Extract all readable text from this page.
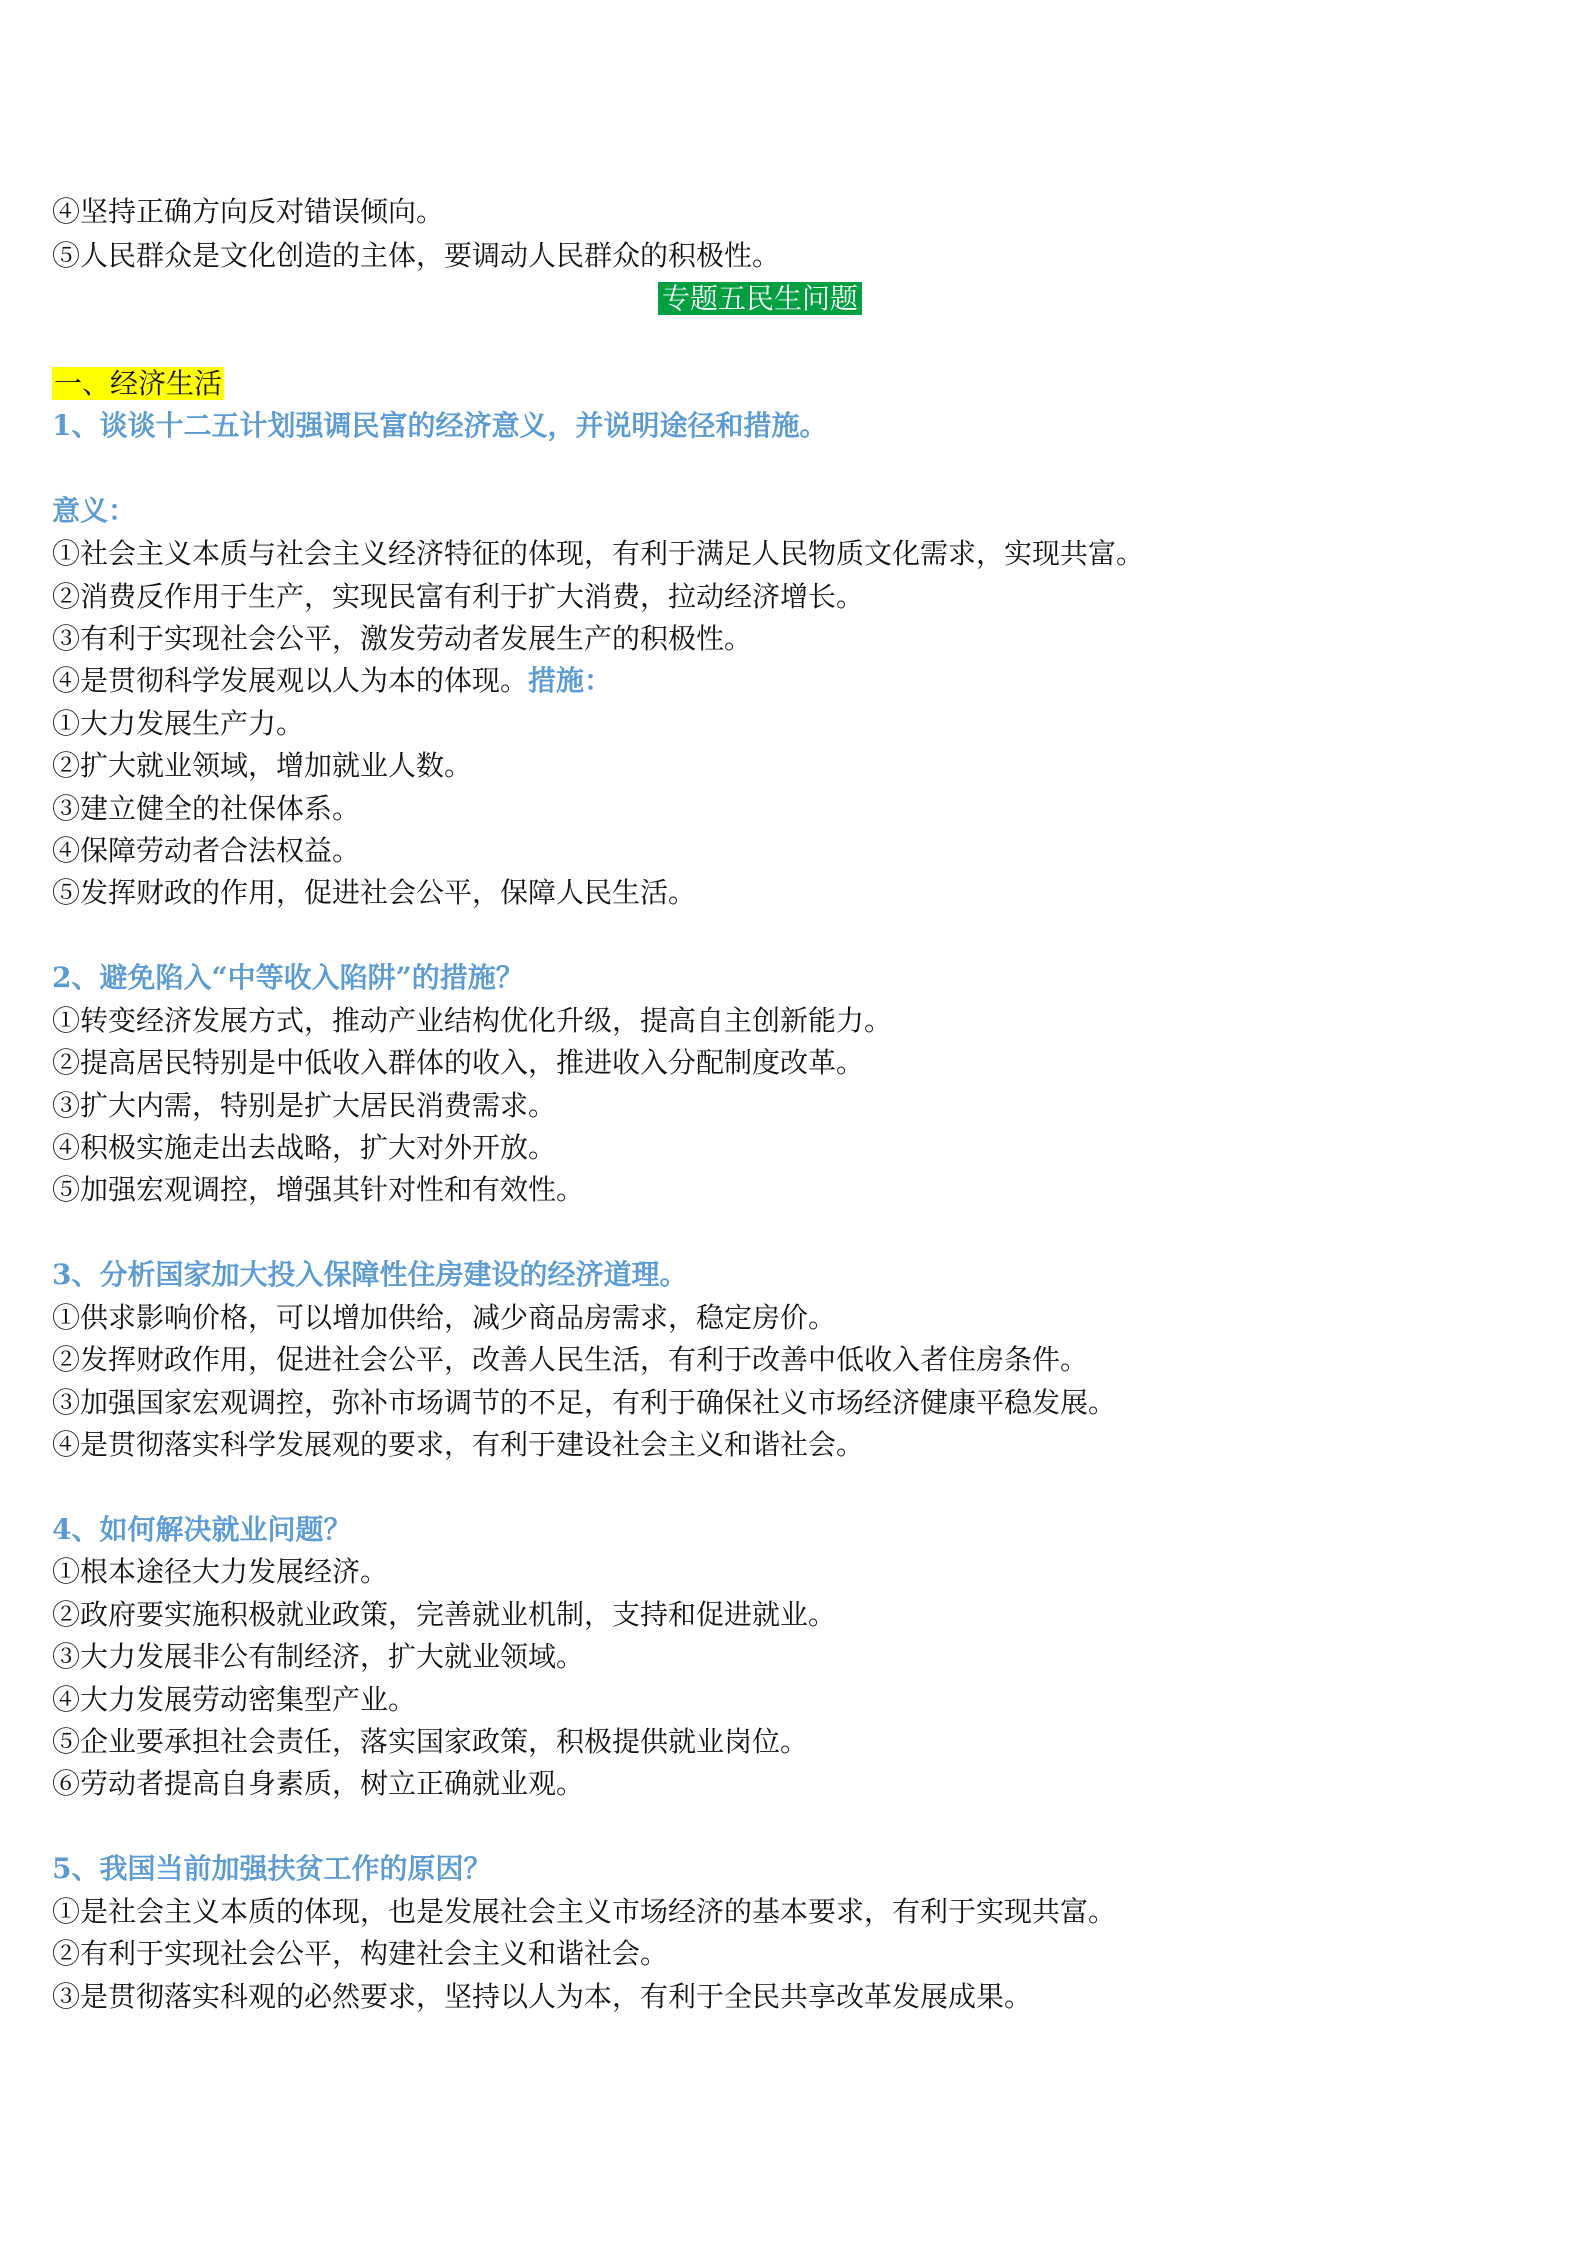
④坚持正确方向反对错误倾向。
⑤人民群众是文化创造的主体，要调动人民群众的积极性。
专题五民生问题
一、经济生活
1、谈谈十二五计划强调民富的经济意义，并说明途径和措施。
意义：
①社会主义本质与社会主义经济特征的体现，有利于满足人民物质文化需求，实现共富。
②消费反作用于生产，实现民富有利于扩大消费，拉动经济增长。
③有利于实现社会公平，激发劳动者发展生产的积极性。
④是贯彻科学发展观以人为本的体现。措施：
①大力发展生产力。
②扩大就业领域，增加就业人数。
③建立健全的社保体系。
④保障劳动者合法权益。
⑤发挥财政的作用，促进社会公平，保障人民生活。
2、避免陷入“中等收入陷阱”的措施？
①转变经济发展方式，推动产业结构优化升级，提高自主创新能力。
②提高居民特别是中低收入群体的收入，推进收入分配制度改革。
③扩大内需，特别是扩大居民消费需求。
④积极实施走出去战略，扩大对外开放。
⑤加强宏观调控，增强其针对性和有效性。
3、分析国家加大投入保障性住房建设的经济道理。
①供求影响价格，可以增加供给，减少商品房需求，稳定房价。
②发挥财政作用，促进社会公平，改善人民生活，有利于改善中低收入者住房条件。
③加强国家宏观调控，弥补市场调节的不足，有利于确保社义市场经济健康平稳发展。
④是贯彻落实科学发展观的要求，有利于建设社会主义和谐社会。
4、如何解决就业问题？
①根本途径大力发展经济。
②政府要实施积极就业政策，完善就业机制，支持和促进就业。
③大力发展非公有制经济，扩大就业领域。
④大力发展劳动密集型产业。
⑤企业要承担社会责任，落实国家政策，积极提供就业岗位。
⑥劳动者提高自身素质，树立正确就业观。
5、我国当前加强扶贫工作的原因？
①是社会主义本质的体现，也是发展社会主义市场经济的基本要求，有利于实现共富。
②有利于实现社会公平，构建社会主义和谐社会。
③是贯彻落实科观的必然要求，坚持以人为本，有利于全民共享改革发展成果。
